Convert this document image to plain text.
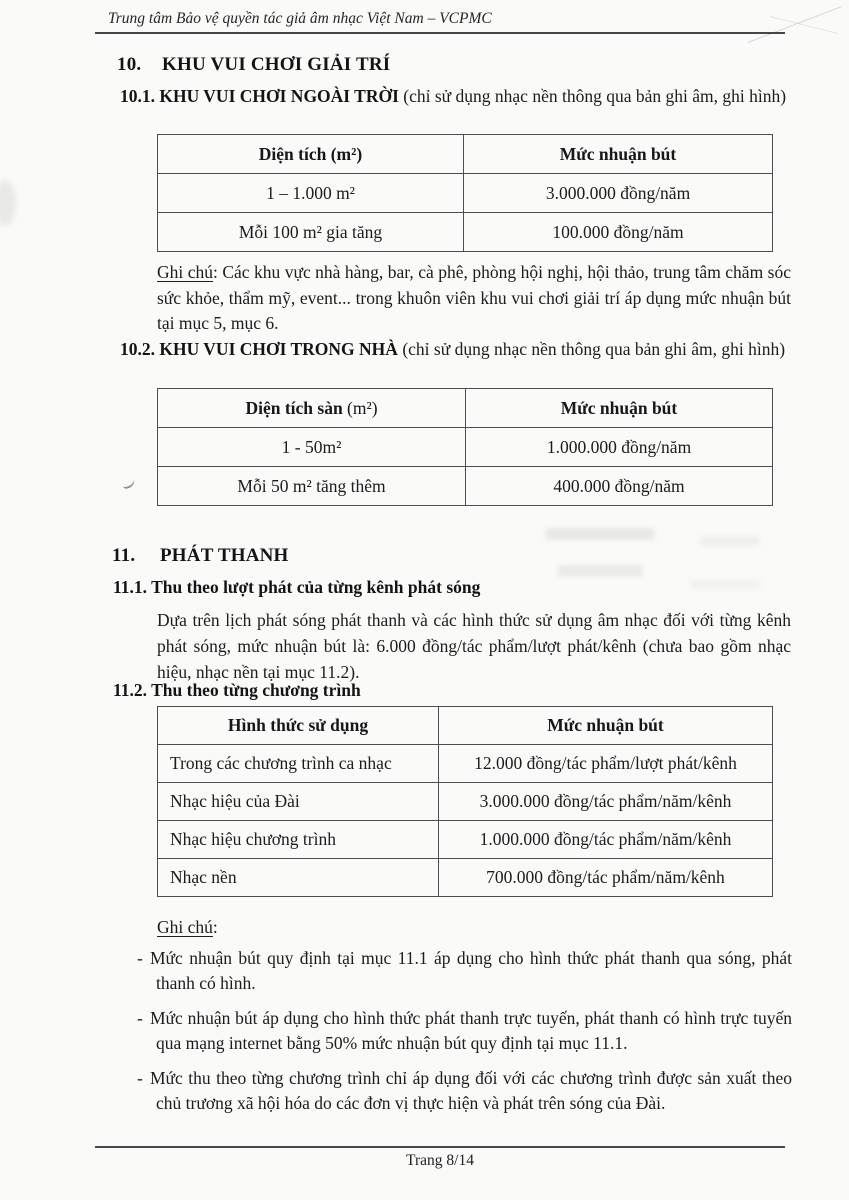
Trung tâm Bảo vệ quyền tác giả âm nhạc Việt Nam – VCPMC
10. KHU VUI CHƠI GIẢI TRÍ
10.1. KHU VUI CHƠI NGOÀI TRỜI (chỉ sử dụng nhạc nền thông qua bản ghi âm, ghi hình)
Diện tích (m²)	Mức nhuận bút
1 – 1.000 m²	3.000.000 đồng/năm
Mỗi 100 m² gia tăng	100.000 đồng/năm
Ghi chú: Các khu vực nhà hàng, bar, cà phê, phòng hội nghị, hội thảo, trung tâm chăm sóc sức khỏe, thẩm mỹ, event... trong khuôn viên khu vui chơi giải trí áp dụng mức nhuận bút tại mục 5, mục 6.
10.2. KHU VUI CHƠI TRONG NHÀ (chỉ sử dụng nhạc nền thông qua bản ghi âm, ghi hình)
Diện tích sàn (m²)	Mức nhuận bút
1 - 50m²	1.000.000 đồng/năm
Mỗi 50 m² tăng thêm	400.000 đồng/năm
11. PHÁT THANH
11.1. Thu theo lượt phát của từng kênh phát sóng
Dựa trên lịch phát sóng phát thanh và các hình thức sử dụng âm nhạc đối với từng kênh phát sóng, mức nhuận bút là: 6.000 đồng/tác phẩm/lượt phát/kênh (chưa bao gồm nhạc hiệu, nhạc nền tại mục 11.2).
11.2. Thu theo từng chương trình
Hình thức sử dụng	Mức nhuận bút
Trong các chương trình ca nhạc	12.000 đồng/tác phẩm/lượt phát/kênh
Nhạc hiệu của Đài	3.000.000 đồng/tác phẩm/năm/kênh
Nhạc hiệu chương trình	1.000.000 đồng/tác phẩm/năm/kênh
Nhạc nền	700.000 đồng/tác phẩm/năm/kênh
Ghi chú:
- Mức nhuận bút quy định tại mục 11.1 áp dụng cho hình thức phát thanh qua sóng, phát thanh có hình.
- Mức nhuận bút áp dụng cho hình thức phát thanh trực tuyến, phát thanh có hình trực tuyến qua mạng internet bằng 50% mức nhuận bút quy định tại mục 11.1.
- Mức thu theo từng chương trình chỉ áp dụng đối với các chương trình được sản xuất theo chủ trương xã hội hóa do các đơn vị thực hiện và phát trên sóng của Đài.
Trang 8/14
